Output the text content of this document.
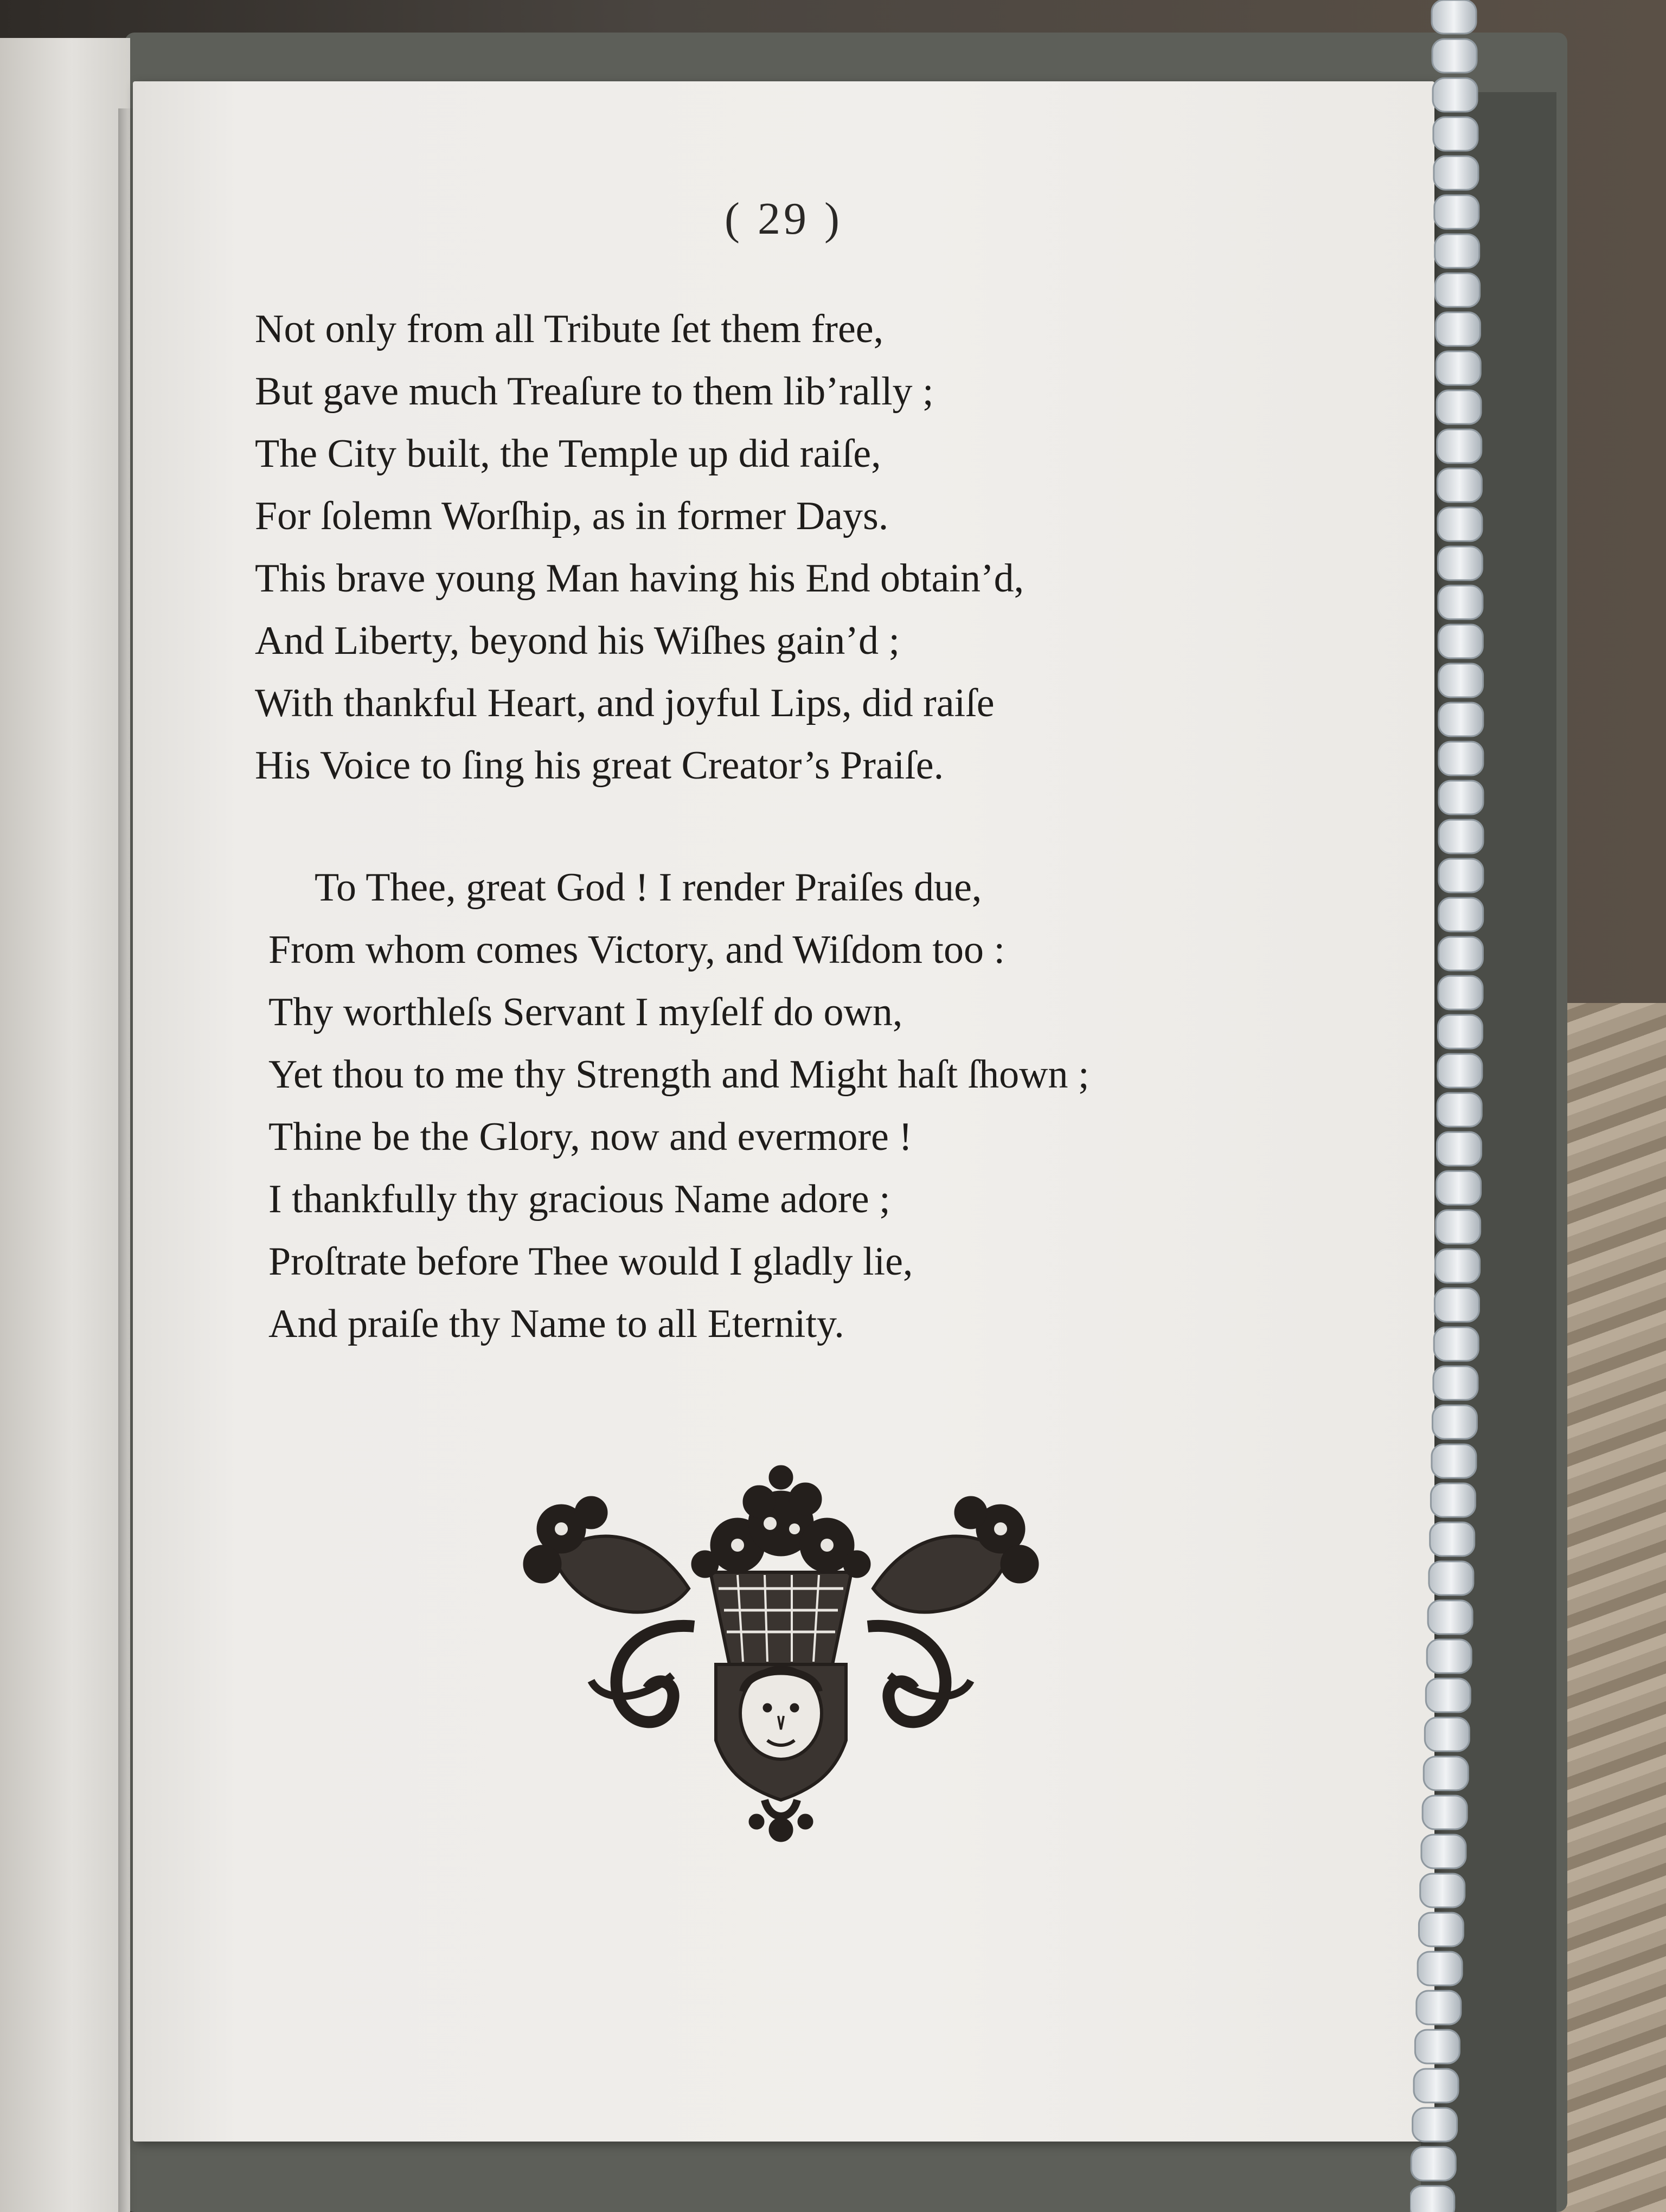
( 29 )
Not only from all Tribute ſet them free,
But gave much Treaſure to them lib’rally ;
The City built, the Temple up did raiſe,
For ſolemn Worſhip, as in former Days.
This brave young Man having his End obtain’d,
And Liberty, beyond his Wiſhes gain’d ;
With thankful Heart, and joyful Lips, did raiſe
His Voice to ſing his great Creator’s Praiſe.
To Thee, great God ! I render Praiſes due,
From whom comes Victory, and Wiſdom too :
Thy worthleſs Servant I myſelf do own,
Yet thou to me thy Strength and Might haſt ſhown ;
Thine be the Glory, now and evermore !
I thankfully thy gracious Name adore ;
Proſtrate before Thee would I gladly lie,
And praiſe thy Name to all Eternity.
